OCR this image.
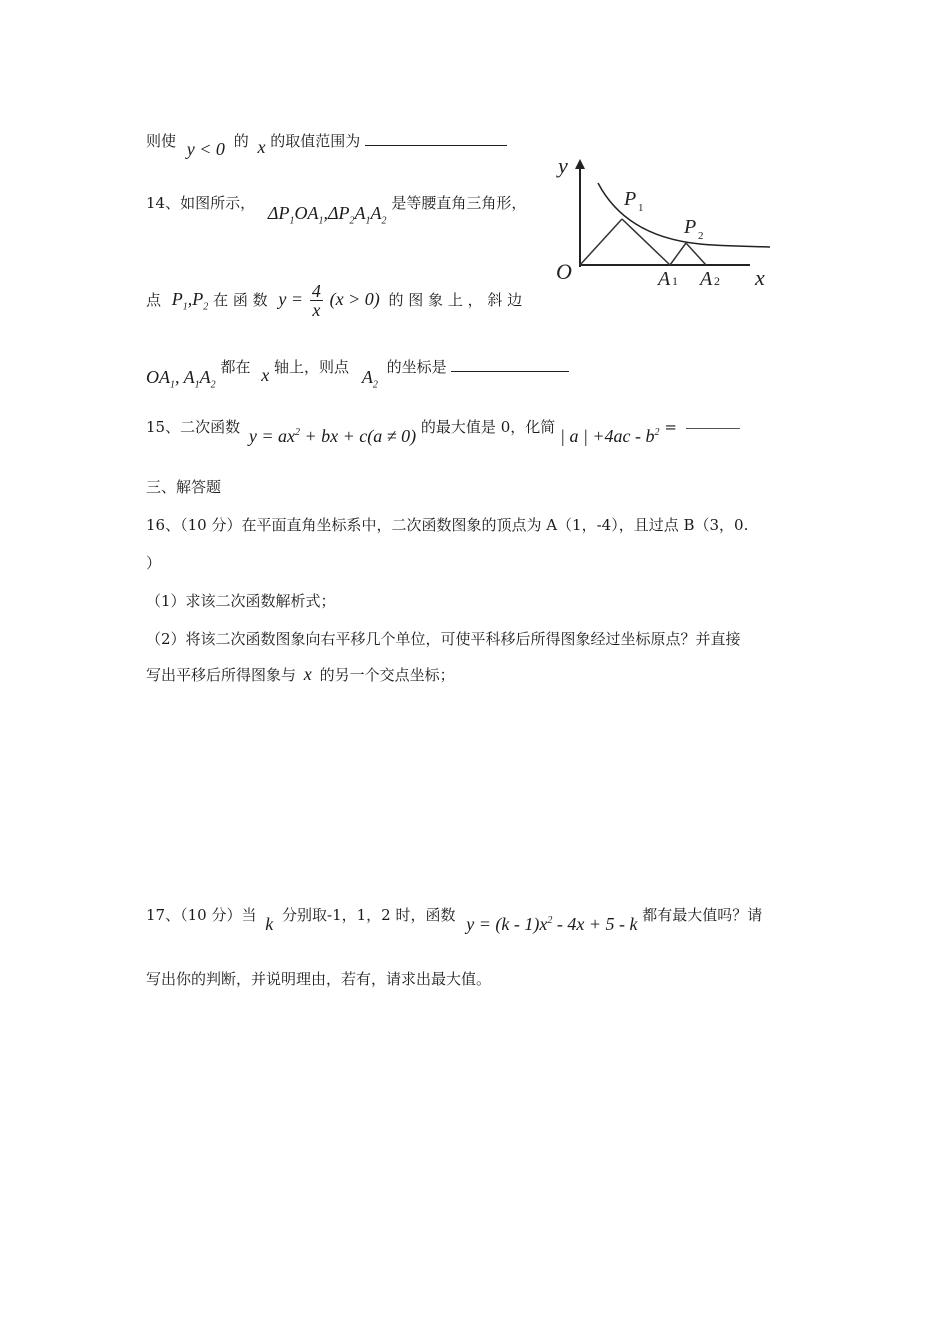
则使 y < 0 的 x 的取值范围为
14、如图所示， $\Delta P_1OA_1,\Delta P_2A_1A_2$ 是等腰直角三角形，
点 $P_1,P_2$ 在 函 数 $y = \frac{4}{x} (x > 0)$ 的 图 象 上 ， 斜 边
$OA_1$, $A_1A_2$ 都在 x 轴上，则点 $A_2$ 的坐标是
y
x
O
P 1
P 2
A 1 A 2
15、二次函数 $y = ax^2$ + bx + c(a ≠ 0) 的最大值是 0，化简 | a | $+4ac - b^2$ =
三、解答题
16、（10 分）在平面直角坐标系中，二次函数图象的顶点为 A（1，-4），且过点 B（3，0.
）
（1）求该二次函数解析式；
（2）将该二次函数图象向右平移几个单位，可使平科移后所得图象经过坐标原点？并直接
写出平移后所得图象与 x 的另一个交点坐标；
17、（10 分）当 k 分别取-1，1，2 时，函数 $y = (k - 1)x^2 - 4x + 5 - k$ 都有最大值吗？请
写出你的判断，并说明理由，若有，请求出最大值。
